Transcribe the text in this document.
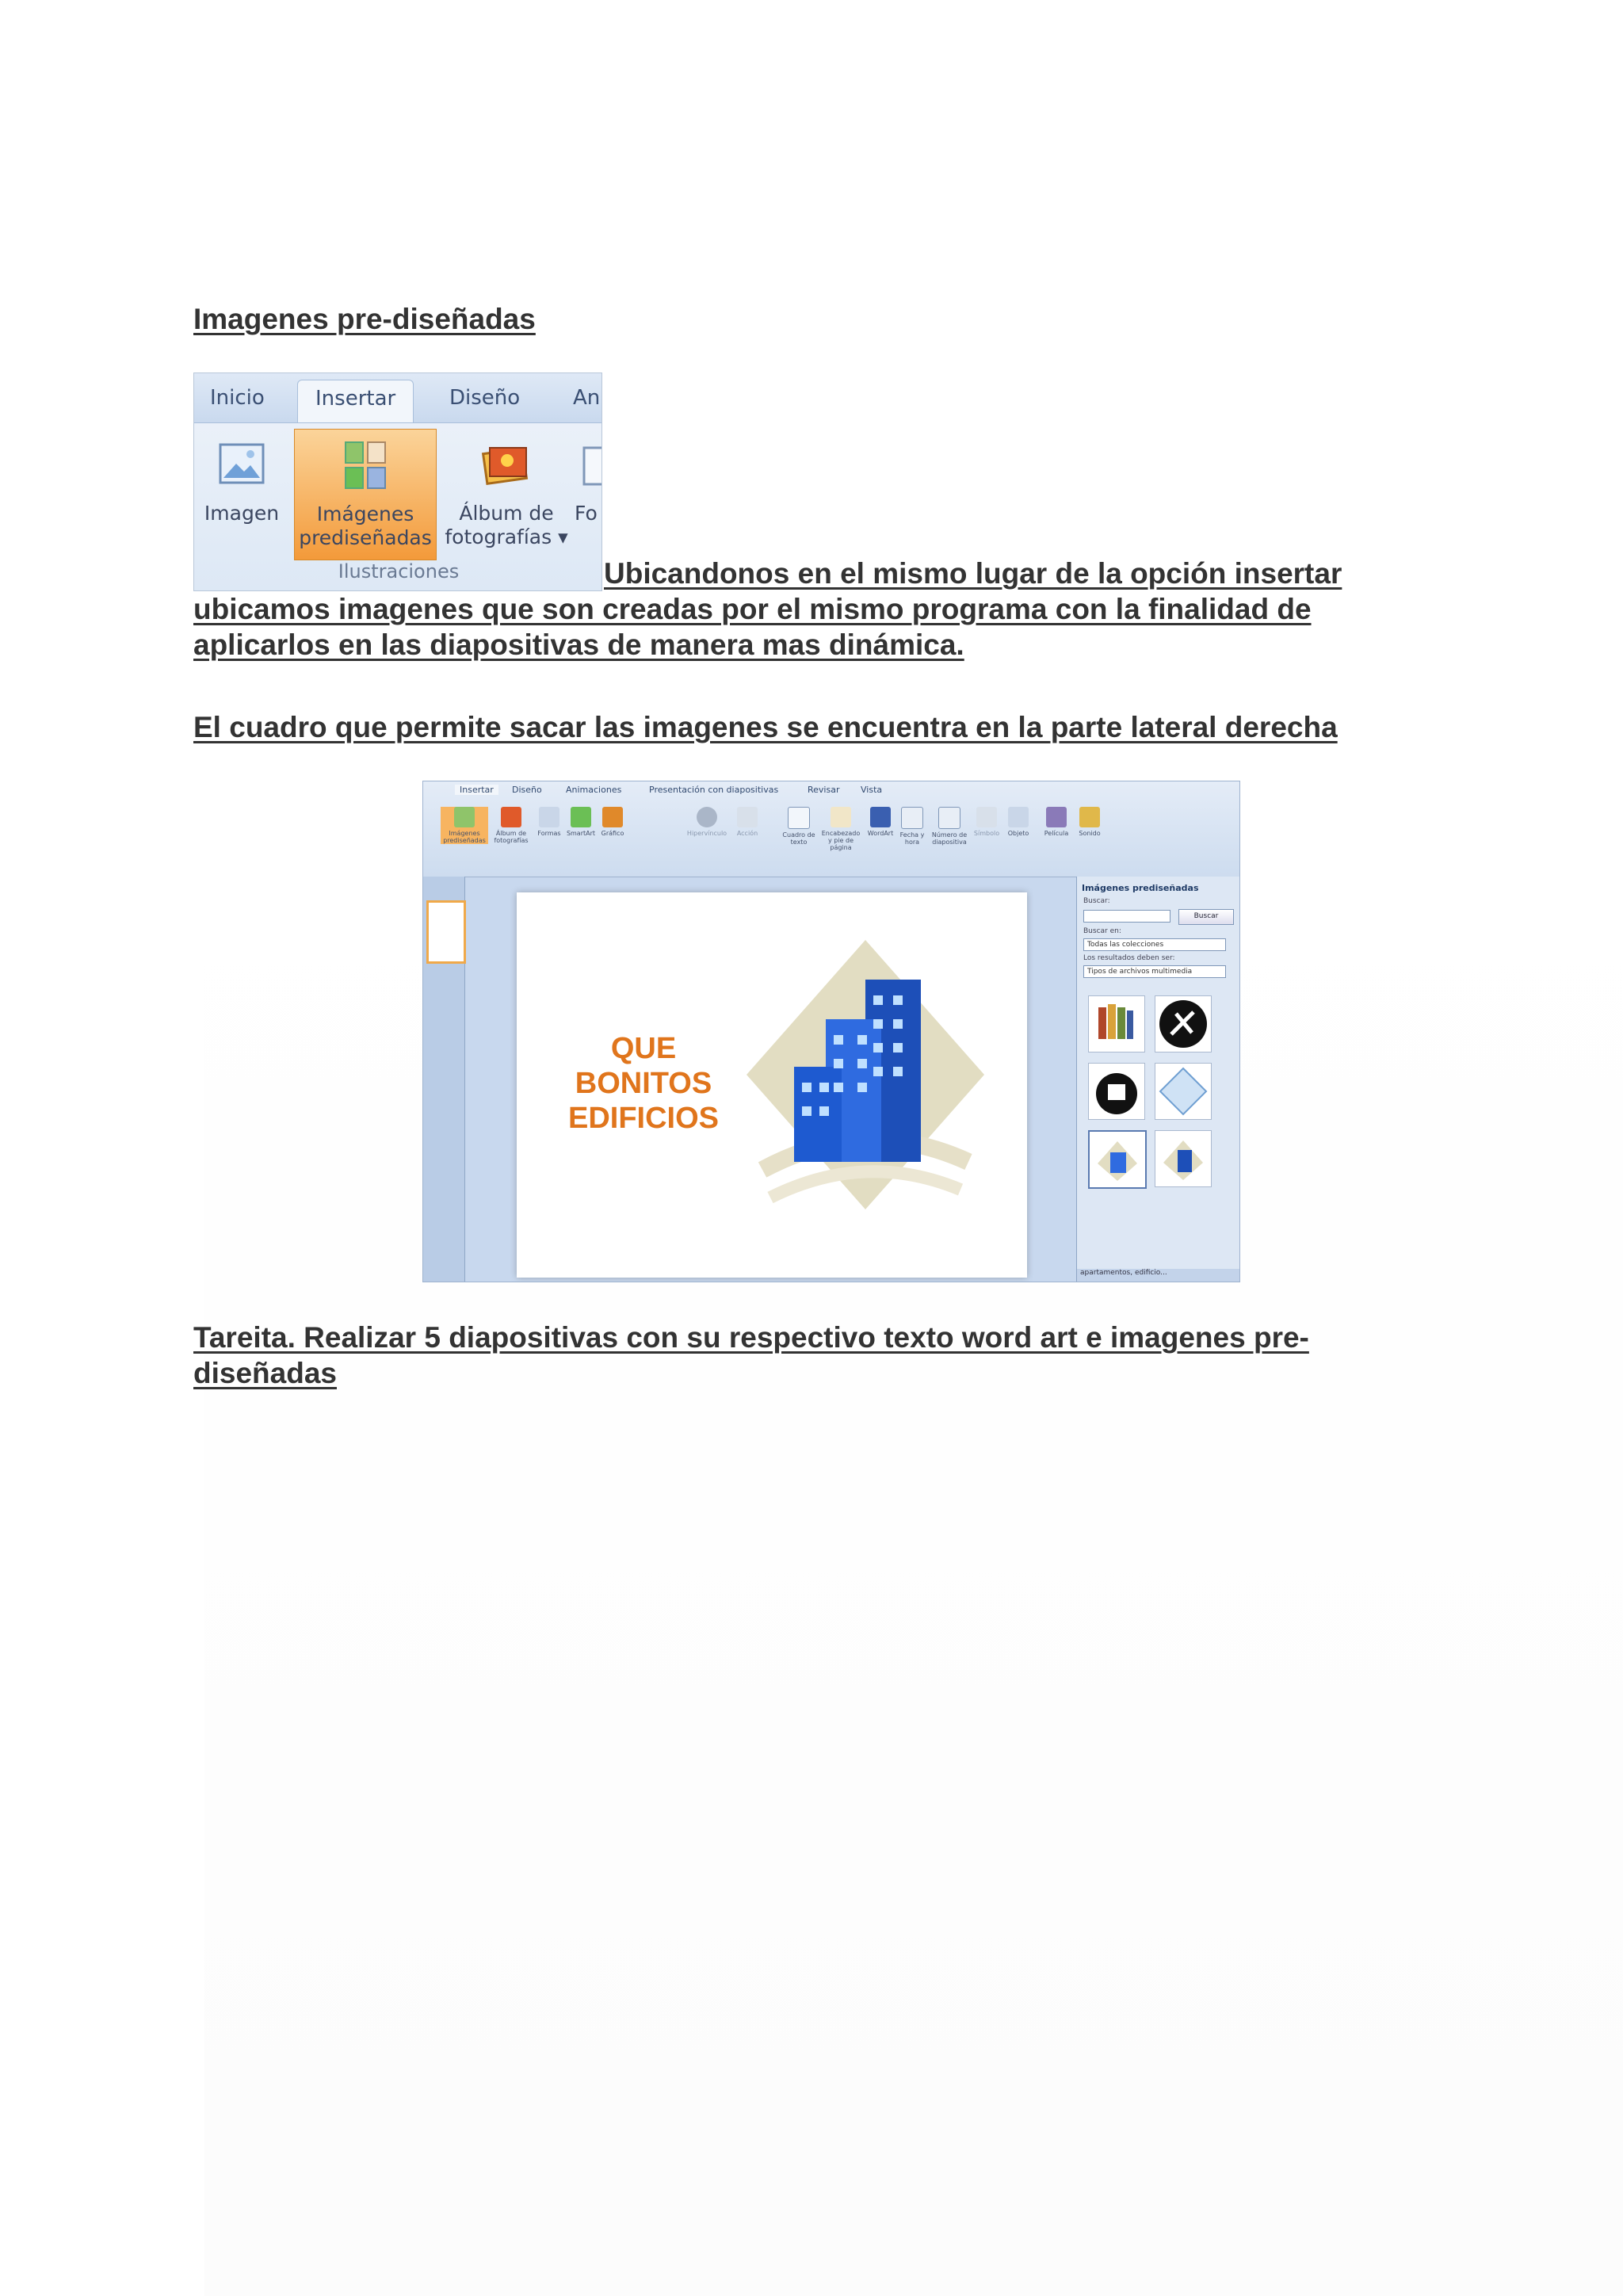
Imagenes pre-diseñadas
Inicio	Insertar	Diseño	An
Imagen	Imágenes
prediseñadas
Álbum de
fotografías ▾
Fo
Ilustraciones	Ubicandonos en el mismo lugar de la opción insertar ubicamos imagenes que son creadas por el mismo programa con la finalidad de aplicarlos en las diapositivas de manera mas dinámica.
El cuadro que permite sacar las imagenes se encuentra en la parte lateral derecha
Insertar	Diseño	Animaciones	Presentación con diapositivas	Revisar Vista
Imágenes prediseñadas
Álbum de fotografías
Formas SmartArt Gráfico	Hipervínculo	Acción	Cuadro de texto
Encabezado y pie de página
WordArt	Fecha y hora
Número de diapositiva
Símbolo	Objeto	Película	Sonido
QUE
BONITOS
EDIFICIOS
Imágenes prediseñadas
Buscar:
Buscar
Buscar en:
Todas las colecciones
Los resultados deben ser:
Tipos de archivos multimedia
apartamentos, edificio...
Tareita. Realizar 5 diapositivas con su respectivo texto word art e imagenes pre-diseñadas
